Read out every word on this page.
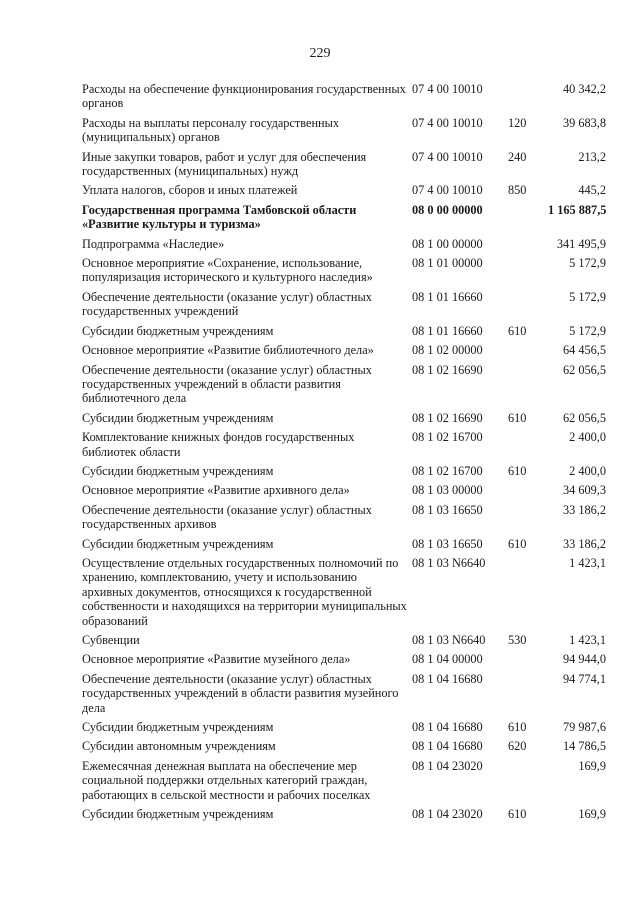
229
Расходы на обеспечение функционирования государственных органов	07 4 00 10010		40 342,2
Расходы на выплаты персоналу государственных (муниципальных) органов	07 4 00 10010	120	39 683,8
Иные закупки товаров, работ и услуг для обеспечения государственных (муниципальных) нужд	07 4 00 10010	240	213,2
Уплата налогов, сборов и иных платежей	07 4 00 10010	850	445,2
Государственная программа Тамбовской области «Развитие культуры и туризма»	08 0 00 00000		1 165 887,5
Подпрограмма «Наследие»	08 1 00 00000		341 495,9
Основное мероприятие «Сохранение, использование, популяризация исторического и культурного наследия»	08 1 01 00000		5 172,9
Обеспечение деятельности (оказание услуг) областных государственных учреждений	08 1 01 16660		5 172,9
Субсидии бюджетным учреждениям	08 1 01 16660	610	5 172,9
Основное мероприятие «Развитие библиотечного дела»	08 1 02 00000		64 456,5
Обеспечение деятельности (оказание услуг) областных государственных учреждений в области развития библиотечного дела	08 1 02 16690		62 056,5
Субсидии бюджетным учреждениям	08 1 02 16690	610	62 056,5
Комплектование книжных фондов государственных библиотек области	08 1 02 16700		2 400,0
Субсидии бюджетным учреждениям	08 1 02 16700	610	2 400,0
Основное мероприятие «Развитие архивного дела»	08 1 03 00000		34 609,3
Обеспечение деятельности (оказание услуг) областных государственных архивов	08 1 03 16650		33 186,2
Субсидии бюджетным учреждениям	08 1 03 16650	610	33 186,2
Осуществление отдельных государственных полномочий по хранению, комплектованию, учету и использованию архивных документов, относящихся к государственной собственности и находящихся на территории муниципальных образований	08 1 03 N6640		1 423,1
Субвенции	08 1 03 N6640	530	1 423,1
Основное мероприятие «Развитие музейного дела»	08 1 04 00000		94 944,0
Обеспечение деятельности (оказание услуг) областных государственных учреждений в области развития музейного дела	08 1 04 16680		94 774,1
Субсидии бюджетным учреждениям	08 1 04 16680	610	79 987,6
Субсидии автономным учреждениям	08 1 04 16680	620	14 786,5
Ежемесячная денежная выплата на обеспечение мер социальной поддержки отдельных категорий граждан, работающих в сельской местности и рабочих поселках	08 1 04 23020		169,9
Субсидии бюджетным учреждениям	08 1 04 23020	610	169,9
